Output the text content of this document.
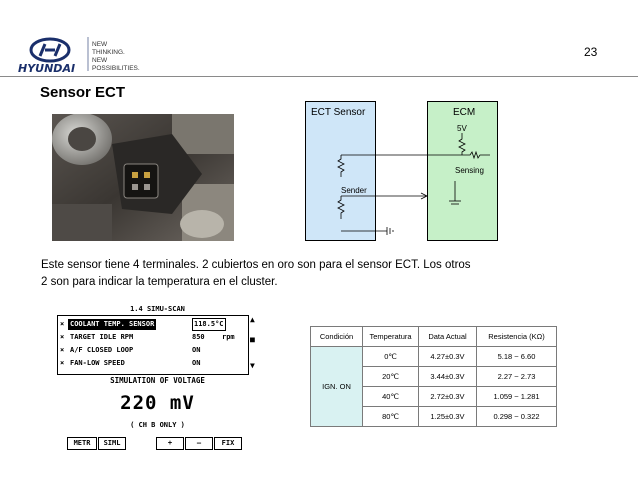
HYUNDAI
NEW
THINKING.
NEW
POSSIBILITIES.
23
Sensor ECT
ECT Sensor	ECM
5V
Sensing
Sender
Este sensor tiene 4 terminales. 2 cubiertos en oro son para el sensor ECT. Los otros
2 son para indicar la temperatura en el cluster.
1.4 SIMU-SCAN
× COOLANT TEMP. SENSOR	118.5°C
× TARGET IDLE RPM	850 rpm
× A/F CLOSED LOOP	ON
× FAN-LOW SPEED	ON
▲
■
▼
SIMULATION OF VOLTAGE
220 mV
( CH B ONLY )
METR	SIML	+	—	FIX
Condición	Temperatura	Data Actual	Resistencia (KΩ)
IGN. ON	0℃	4.27±0.3V	5.18 ~ 6.60
	20℃	3.44±0.3V	2.27 ~ 2.73
	40℃	2.72±0.3V	1.059 ~ 1.281
	80℃	1.25±0.3V	0.298 ~ 0.322
